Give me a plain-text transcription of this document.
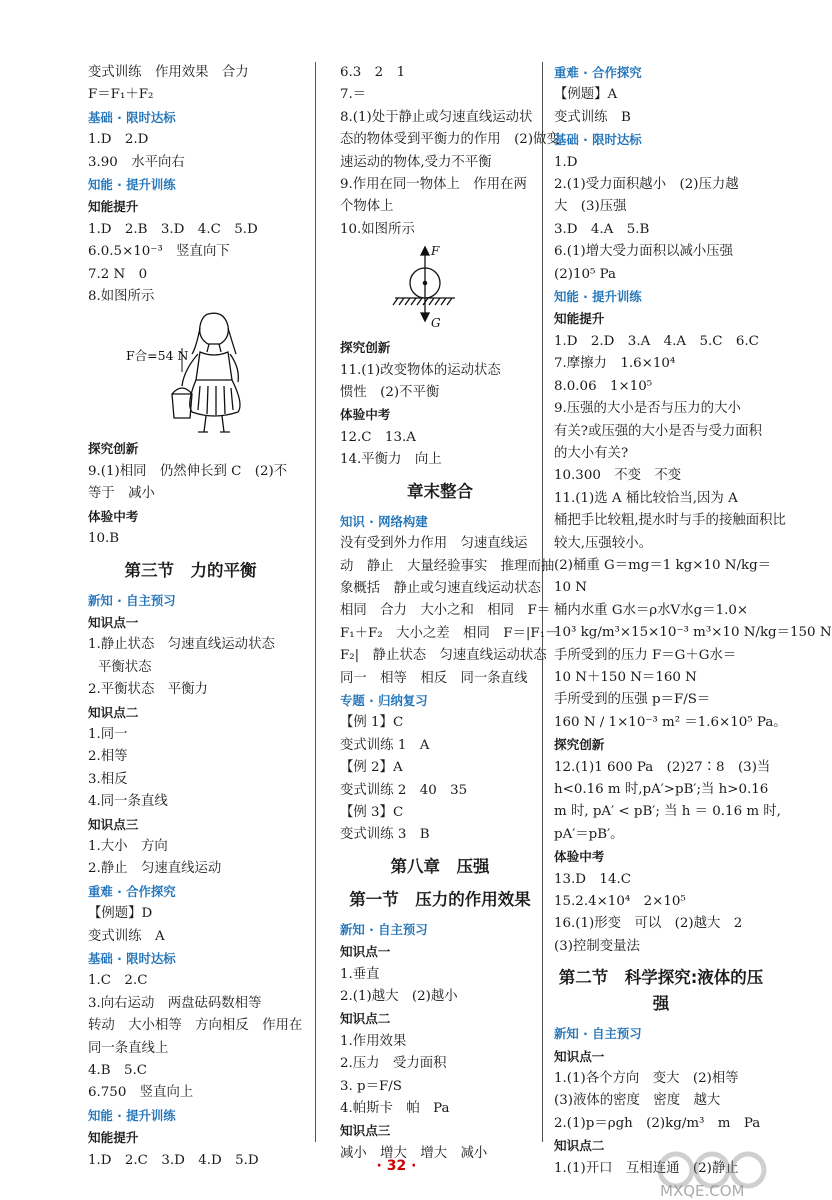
变式训练　作用效果　合力
F＝F₁＋F₂
基础 · 限时达标
1.D　2.D
3.90　水平向右
知能 · 提升训练
知能提升
1.D　2.B　3.D　4.C　5.D
6.0.5×10⁻³　竖直向下
7.2 N　0
8.如图所示
F合=54 N
探究创新
9.(1)相同　仍然伸长到 C　(2)不
等于　减小
体验中考
10.B
第三节　力的平衡
新知 · 自主预习
知识点一
1.静止状态　匀速直线运动状态
平衡状态
2.平衡状态　平衡力
知识点二
1.同一
2.相等
3.相反
4.同一条直线
知识点三
1.大小　方向
2.静止　匀速直线运动
重难 · 合作探究
【例题】D
变式训练　A
基础 · 限时达标
1.C　2.C
3.向右运动　两盘砝码数相等
转动　大小相等　方向相反　作用在
同一条直线上
4.B　5.C
6.750　竖直向上
知能 · 提升训练
知能提升
1.D　2.C　3.D　4.D　5.D
6.3　2　1
7.＝
8.(1)处于静止或匀速直线运动状
态的物体受到平衡力的作用　(2)做变
速运动的物体,受力不平衡
9.作用在同一物体上　作用在两
个物体上
10.如图所示
F
G
探究创新
11.(1)改变物体的运动状态
惯性　(2)不平衡
体验中考
12.C　13.A
14.平衡力　向上
章末整合
知识 · 网络构建
没有受到外力作用　匀速直线运
动　静止　大量经验事实　推理而抽
象概括　静止或匀速直线运动状态
相同　合力　大小之和　相同　F＝
F₁＋F₂　大小之差　相同　F＝|F₁－
F₂|　静止状态　匀速直线运动状态
同一　相等　相反　同一条直线
专题 · 归纳复习
【例 1】C
变式训练 1　A
【例 2】A
变式训练 2　40　35
【例 3】C
变式训练 3　B
第八章　压强
第一节　压力的作用效果
新知 · 自主预习
知识点一
1.垂直
2.(1)越大　(2)越小
知识点二
1.作用效果
2.压力　受力面积
3. p＝F/S
4.帕斯卡　帕　Pa
知识点三
减小　增大　增大　减小
重难 · 合作探究
【例题】A
变式训练　B
基础 · 限时达标
1.D
2.(1)受力面积越小　(2)压力越
大　(3)压强
3.D　4.A　5.B
6.(1)增大受力面积以减小压强
(2)10⁵ Pa
知能 · 提升训练
知能提升
1.D　2.D　3.A　4.A　5.C　6.C
7.摩擦力　1.6×10⁴
8.0.06　1×10⁵
9.压强的大小是否与压力的大小
有关?或压强的大小是否与受力面积
的大小有关?
10.300　不变　不变
11.(1)选 A 桶比较恰当,因为 A
桶把手比较粗,提水时与手的接触面积比
较大,压强较小。
(2)桶重 G＝mg＝1 kg×10 N/kg＝
10 N
桶内水重 G水＝ρ水V水g＝1.0×
10³ kg/m³×15×10⁻³ m³×10 N/kg＝150 N
手所受到的压力 F＝G＋G水＝
10 N＋150 N＝160 N
手所受到的压强 p＝F/S＝
160 N / 1×10⁻³ m² ＝1.6×10⁵ Pa。
探究创新
12.(1)1 600 Pa　(2)27∶8　(3)当
h<0.16 m 时,pA′>pB′;当 h>0.16
m 时, pA′ < pB′; 当 h ＝ 0.16 m 时,
pA′＝pB′。
体验中考
13.D　14.C
15.2.4×10⁴　2×10⁵
16.(1)形变　可以　(2)越大　2
(3)控制变量法
第二节　科学探究:液体的压强
新知 · 自主预习
知识点一
1.(1)各个方向　变大　(2)相等
(3)液体的密度　密度　越大
2.(1)p＝ρgh　(2)kg/m³　m　Pa
知识点二
1.(1)开口　互相连通　(2)静止
· 32 ·
MXQE.COM
